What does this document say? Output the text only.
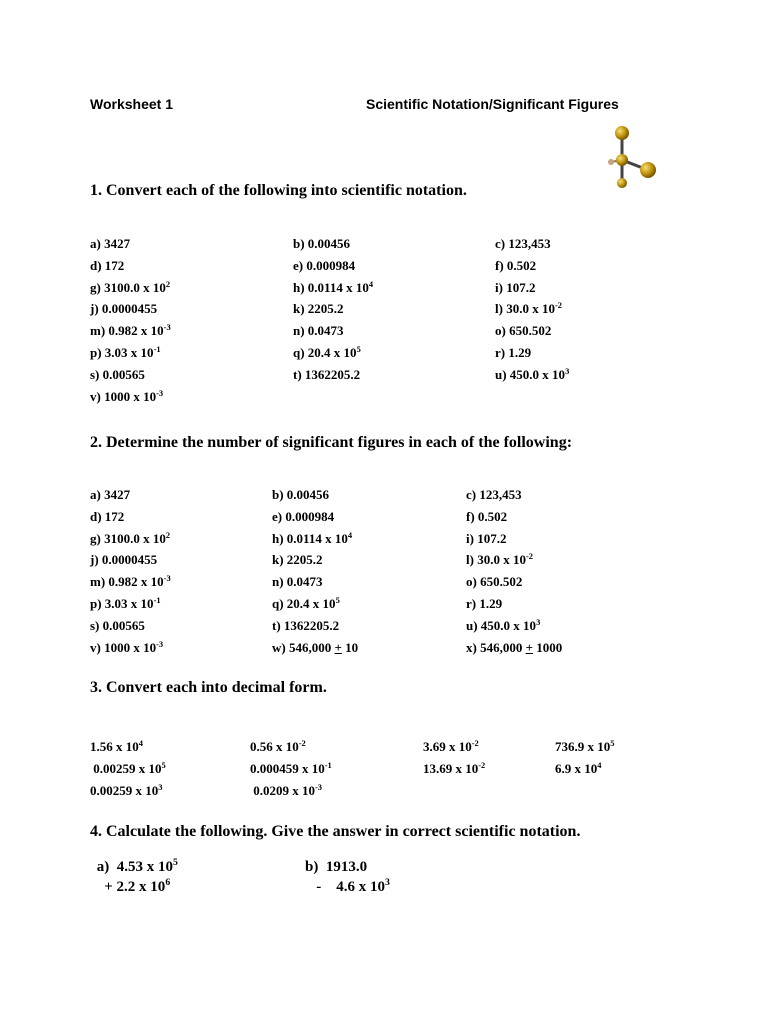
Worksheet 1	Scientific Notation/Significant Figures
1. Convert each of the following into scientific notation.
a) 3427	b) 0.00456	c) 123,453
d) 172	e) 0.000984	f) 0.502
g) 3100.0 x $10^2$	h) 0.0114 x $10^4$	i) 107.2
j) 0.0000455	k) 2205.2	l) 30.0 x $10^{-2}$
m) 0.982 x $10^{-3}$	n) 0.0473	o) 650.502
p) 3.03 x $10^{-1}$	q) 20.4 x $10^5$	r) 1.29
s) 0.00565	t) 1362205.2	u) 450.0 x $10^3$
v) 1000 x $10^{-3}$
2. Determine the number of significant figures in each of the following:
a) 3427	b) 0.00456	c) 123,453
d) 172	e) 0.000984	f) 0.502
g) 3100.0 x $10^2$	h) 0.0114 x $10^4$	i) 107.2
j) 0.0000455	k) 2205.2	l) 30.0 x $10^{-2}$
m) 0.982 x $10^{-3}$	n) 0.0473	o) 650.502
p) 3.03 x $10^{-1}$	q) 20.4 x $10^5$	r) 1.29
s) 0.00565	t) 1362205.2	u) 450.0 x $10^3$
v) 1000 x $10^{-3}$	w) 546,000 + 10	x) 546,000 + 1000
3. Convert each into decimal form.
1.56 x $10^4$	0.56 x $10^{-2}$	3.69 x $10^{-2}$	736.9 x $10^5$
0.00259 x $10^5$	0.000459 x $10^{-1}$	13.69 x $10^{-2}$	6.9 x $10^4$
0.00259 x $10^3$	0.0209 x $10^{-3}$
4. Calculate the following. Give the answer in correct scientific notation.
a)  4.53 x $10^5$
+ 2.2 x $10^6$
b)  1913.0
-    4.6 x $10^3$
